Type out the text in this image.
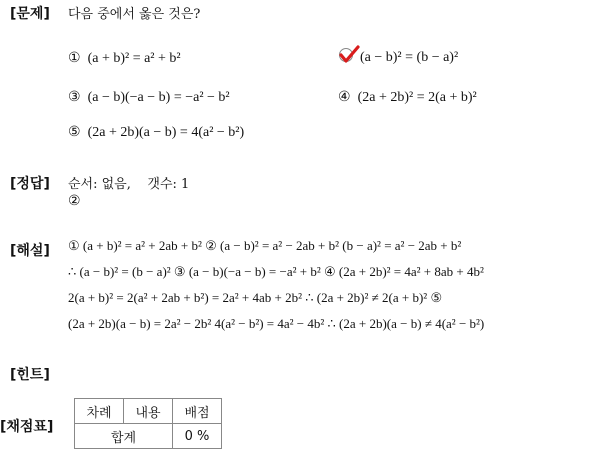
[문제] 다음 중에서 옳은 것은?
① (a + b)² = a² + b²	(a − b)² = (b − a)²
③ (a − b)(−a − b) = −a² − b²	④ (2a + 2b)² = 2(a + b)²
⑤ (2a + 2b)(a − b) = 4(a² − b²)
[정답] 순서: 없음, 갯수: 1
②
[해설] ① (a + b)² = a² + 2ab + b² ② (a − b)² = a² − 2ab + b² (b − a)² = a² − 2ab + b²
∴ (a − b)² = (b − a)² ③ (a − b)(−a − b) = −a² + b² ④ (2a + 2b)² = 4a² + 8ab + 4b²
2(a + b)² = 2(a² + 2ab + b²) = 2a² + 4ab + 2b² ∴ (2a + 2b)² ≠ 2(a + b)² ⑤
(2a + 2b)(a − b) = 2a² − 2b² 4(a² − b²) = 4a² − 4b² ∴ (2a + 2b)(a − b) ≠ 4(a² − b²)
[힌트]
[채점표]
차례	내용	배점
합계		0 %
